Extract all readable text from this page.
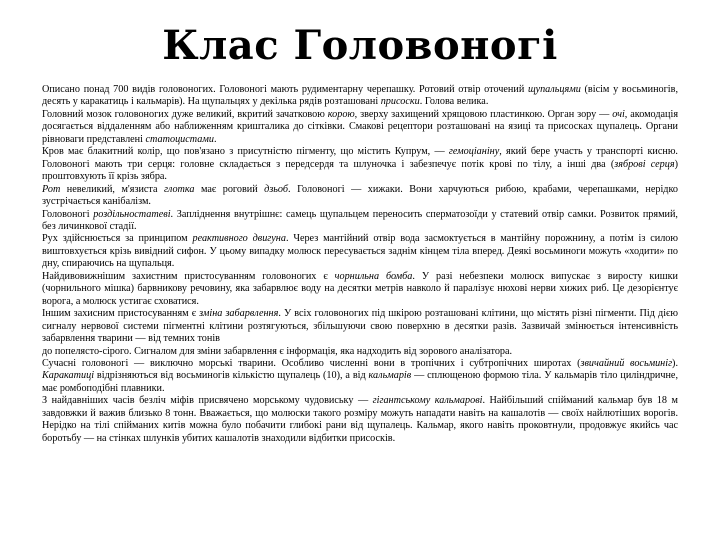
Клас Головоногі

Описано понад 700 видів головоногих. Головоногі мають рудиментарну черепашку. Ротовий отвір оточений щупальцями (вісім у восьминогів, десять у каракатиць і кальмарів). На щупальцях у декілька рядів розташовані присоски. Голова велика.

Головний мозок головоногих дуже великий, вкритий зачатковою корою, зверху захищений хрящовою пластинкою. Орган зору — очі, акомодація досягається віддаленням або наближенням кришталика до сітківки. Смакові рецептори розташовані на язиці та присосках щупалець. Органи рівноваги представлені статоцистами.

Кров має блакитний колір, що пов'язано з присутністю пігменту, що містить Купрум, — гемоціаніну, який бере участь у транспорті кисню. Головоногі мають три серця: головне складається з передсердя та шлуночка і забезпечує потік крові по тілу, а інші два (зяброві серця) проштовхують її крізь зябра.

Рот невеликий, м'язиста глотка має роговий дзьоб. Головоногі — хижаки. Вони харчуються рибою, крабами, черепашками, нерідко зустрічається канібалізм.

Головоногі роздільностатеві. Запліднення внутрішнє: самець щупальцем переносить сперматозоїди у статевий отвір самки. Розвиток прямий, без личинкової стадії.

Рух здійснюється за принципом реактивного двигуна. Через мантійний отвір вода засмоктується в мантійну порожнину, а потім із силою виштовхується крізь вивідний сифон. У цьому випадку молюск пересувається заднім кінцем тіла вперед. Деякі восьминоги можуть «ходити» по дну, спираючись на щупальця.

Найдивовижнішим захистним пристосуванням головоногих є чорнильна бомба. У разі небезпеки молюск випускає з виросту кишки (чорнильного мішка) барвникову речовину, яка забарвлює воду на десятки метрів навколо й паралізує нюхові нерви хижих риб. Це дезорієнтує ворога, а молюск устигає сховатися.

Іншим захисним пристосуванням є зміна забарвлення. У всіх головоногих під шкірою розташовані клітини, що містять різні пігменти. Під дією сигналу нервової системи пігментні клітини розтягуються, збільшуючи свою поверхню в десятки разів. Зазвичай змінюється інтенсивність забарвлення тварини — від темних тонів

до попелясто-сірого. Сигналом для зміни забарвлення є інформація, яка надходить від зорового аналізатора.

Сучасні головоногі — виключно морські тварини. Особливо численні вони в тропічних і субтропічних широтах (звичайний восьминіг). Каракатиці відрізняються від восьминогів кількістю щупалець (10), а від кальмарів — сплющеною формою тіла. У кальмарів тіло циліндричне, має ромбоподібні плавники.

З найдавніших часів безліч міфів присвячено морському чудовиську — гігантському кальмарові. Найбільший спійманий кальмар був 18 м завдовжки й важив близько 8 тонн. Вважається, що молюски такого розміру можуть нападати навіть на кашалотів — своїх найлютіших ворогів. Нерідко на тілі спійманих китів можна було побачити глибокі рани від щупалець. Кальмар, якого навіть проковтнули, продовжує якийсь час боротьбу — на стінках шлунків убитих кашалотів знаходили відбитки присосків.
